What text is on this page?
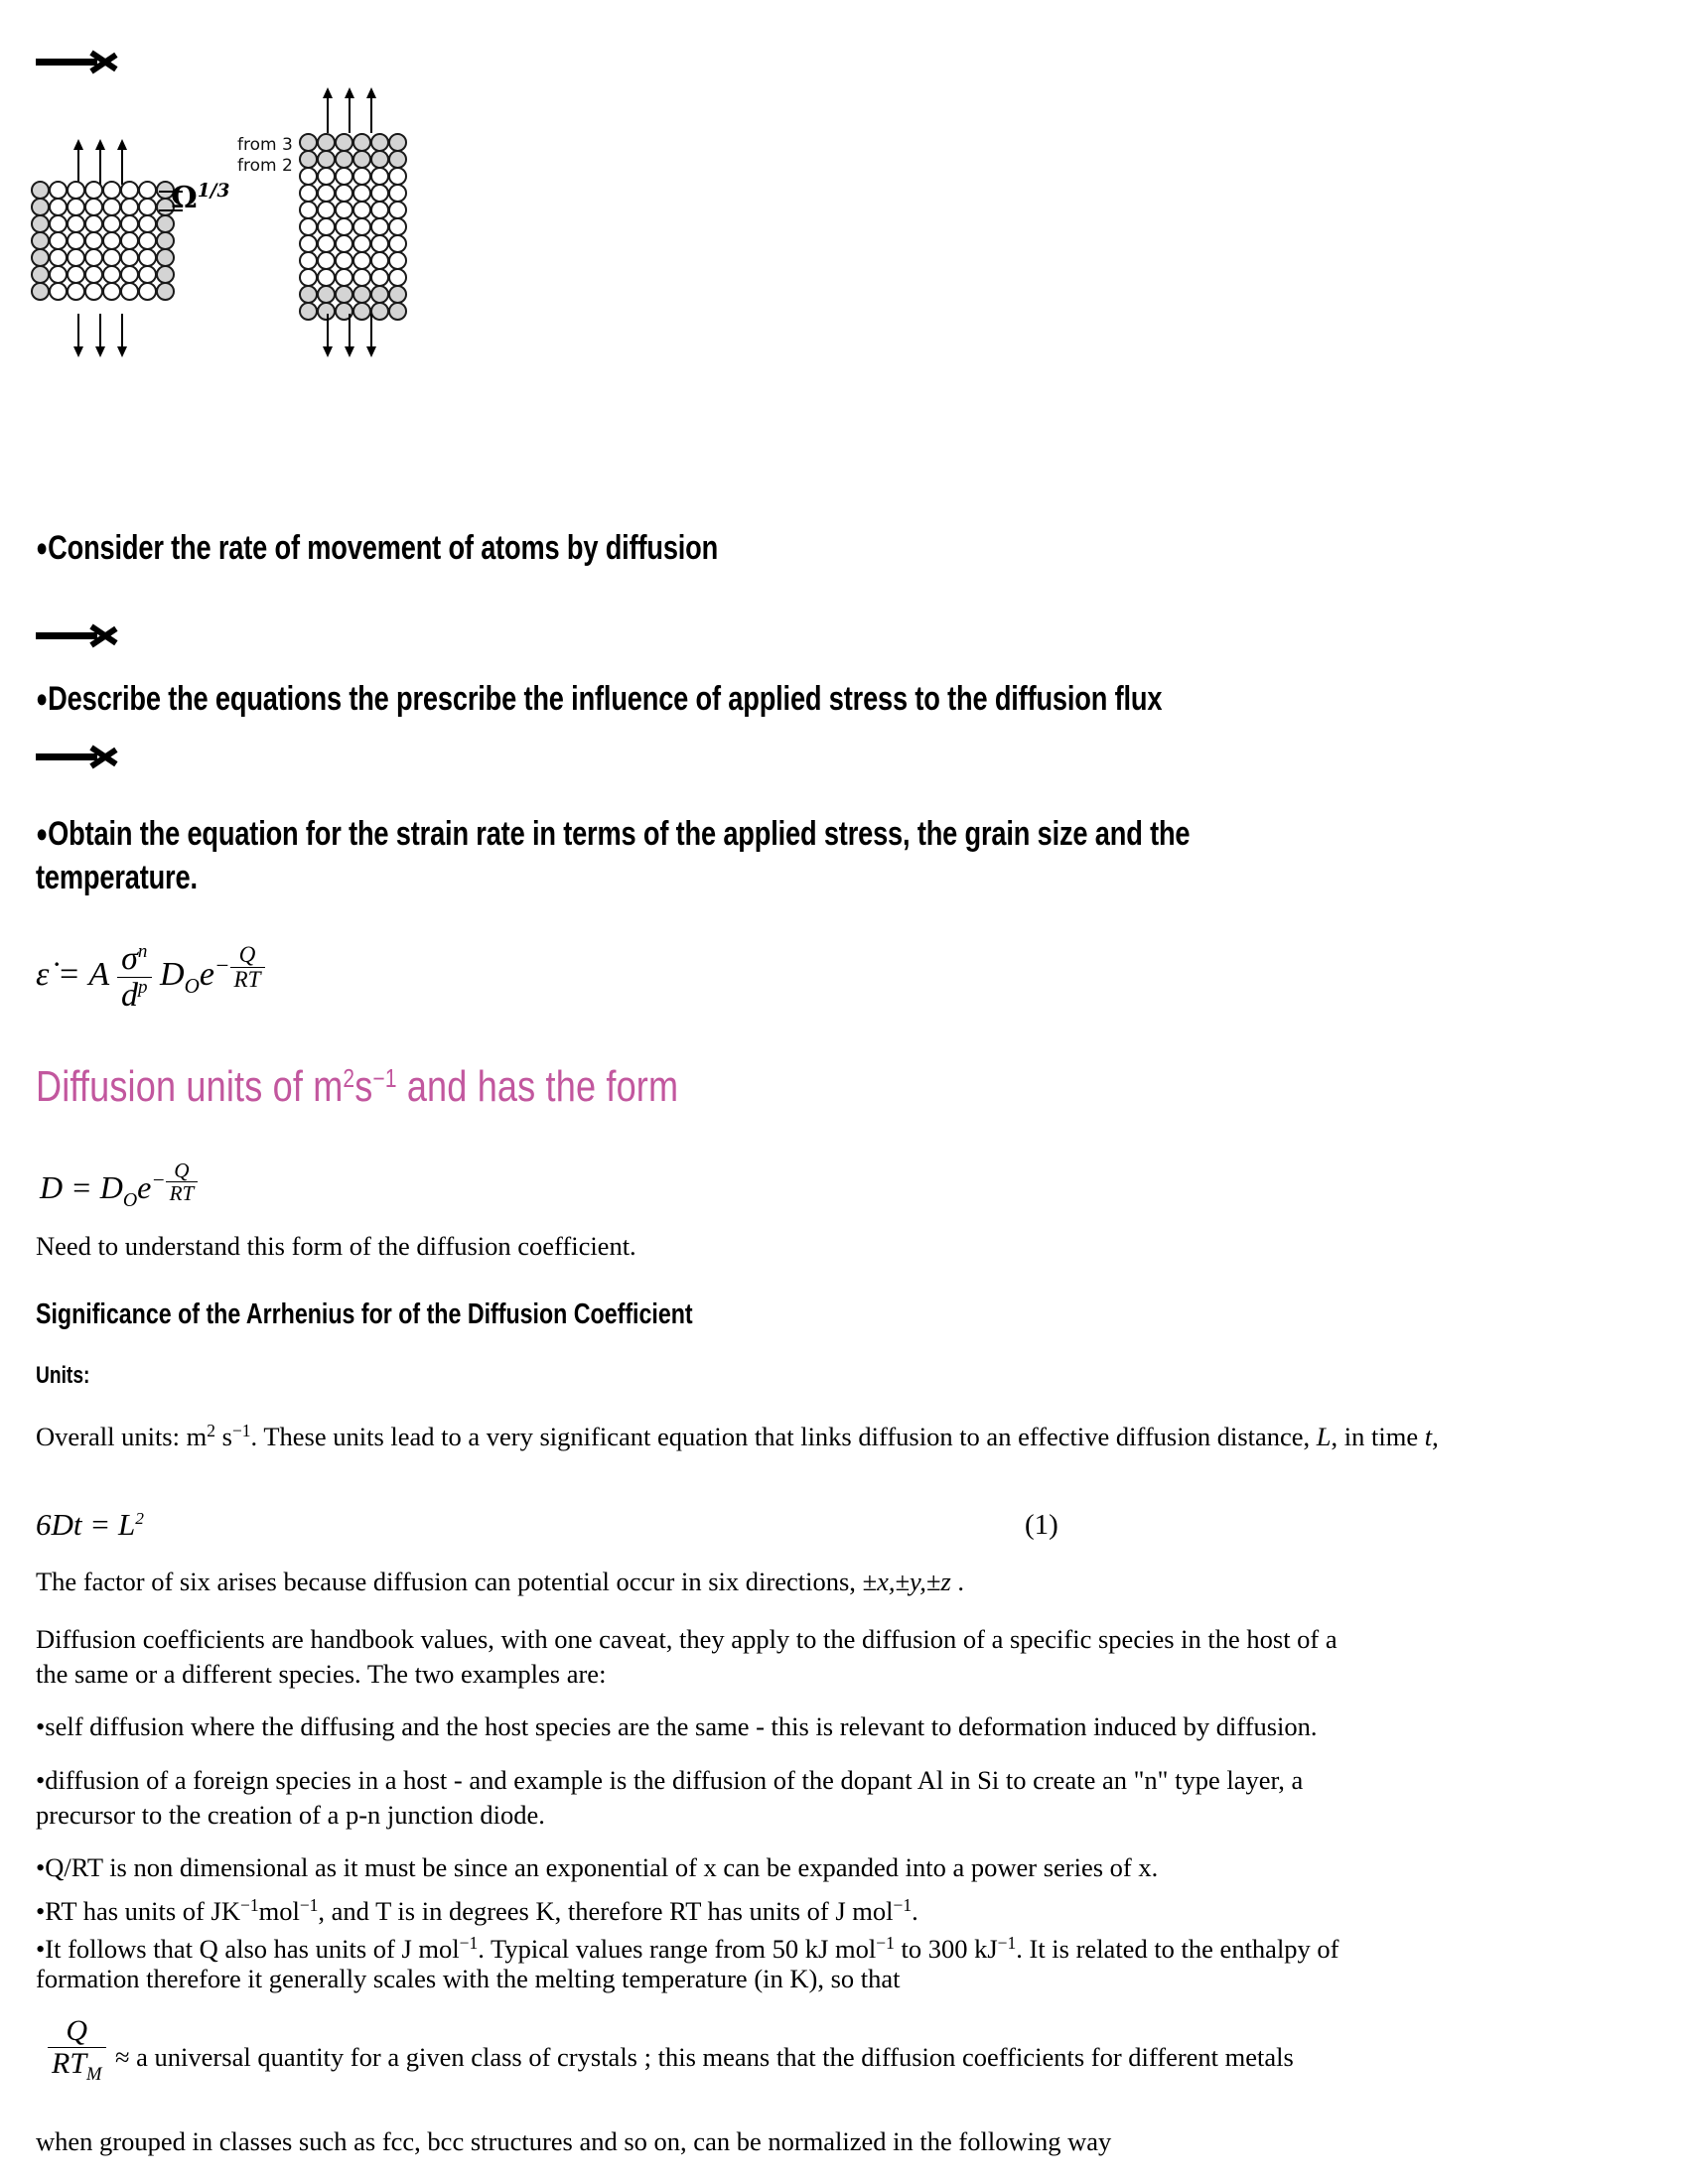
$\Omega^{1/3}$
from 3
from 2
●Consider the rate of movement of atoms by diffusion
●Describe the equations the prescribe the influence of applied stress to the diffusion flux
●Obtain the equation for the strain rate in terms of the applied stress, the grain size and the
temperature.
ε̇ = A $\frac{\sigma n}{dp} DOe- \frac{Q}{RT}$
Diffusion units of $m^2s^{-1}$ and has the form
$D = DOe- \frac{Q}{RT}$
Need to understand this form of the diffusion coefficient.
Significance of the Arrhenius for of the Diffusion Coefficient
Units:
Overall units: $m^2$ $s^{-1}$. These units lead to a very significant equation that links diffusion to an effective diffusion distance, L, in time t,
6Dt = L2	(1)
The factor of six arises because diffusion can potential occur in six directions, ±x,±y,±z .
Diffusion coefficients are handbook values, with one caveat, they apply to the diffusion of a specific species in the host of a
the same or a different species. The two examples are:
•self diffusion where the diffusing and the host species are the same - this is relevant to deformation induced by diffusion.
•diffusion of a foreign species in a host - and example is the diffusion of the dopant Al in Si to create an "n" type layer, a
precursor to the creation of a p-n junction diode.
•Q/RT is non dimensional as it must be since an exponential of x can be expanded into a power series of x.
•RT has units of $JK^{-1}mol^{-1}$, and T is in degrees K, therefore RT has units of J mol$^{-1}$.
•It follows that Q also has units of J mol$^{-1}$. Typical values range from 50 kJ mol$^{-1}$ to 300 $kJ^{-1}$. It is related to the enthalpy of
formation therefore it generally scales with the melting temperature (in K), so that
$\frac{Q}{\text{RTM}} \approx a$ universal quantity for a given class of crystals ; this means that the diffusion coefficients for different metals
when grouped in classes such as fcc, bcc structures and so on, can be normalized in the following way
